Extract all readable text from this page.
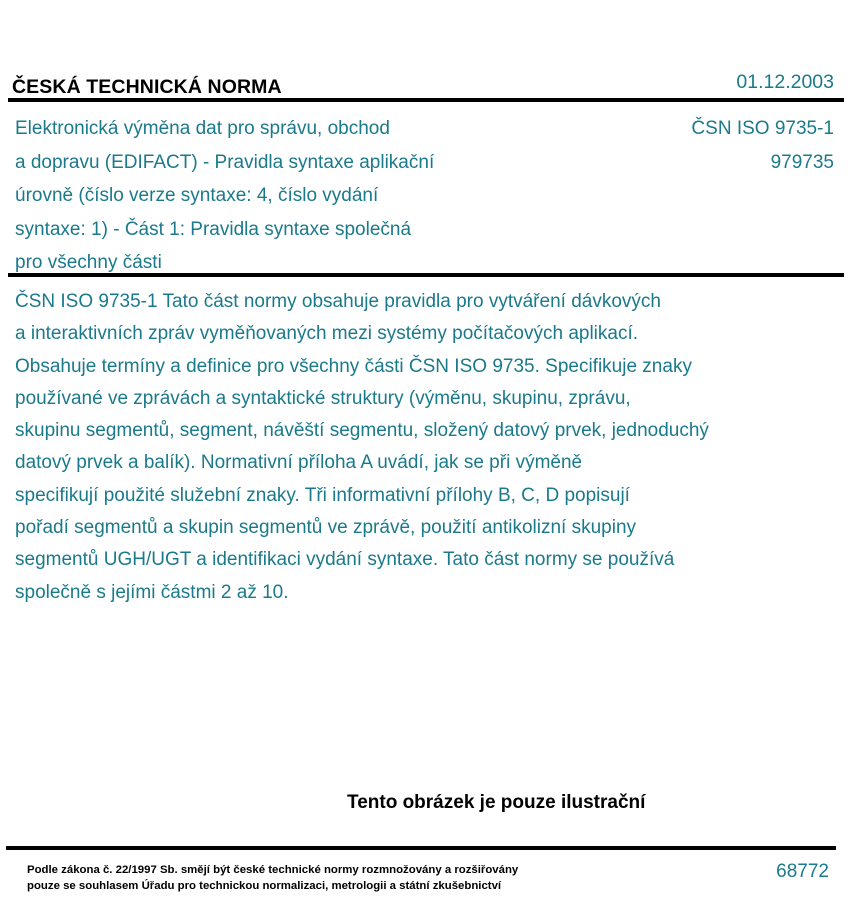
ČESKÁ TECHNICKÁ NORMA	01.12.2003
Elektronická výměna dat pro správu, obchod
a dopravu (EDIFACT) - Pravidla syntaxe aplikační
úrovně (číslo verze syntaxe: 4, číslo vydání
syntaxe: 1) - Část 1: Pravidla syntaxe společná
pro všechny části
ČSN ISO 9735-1
979735
ČSN ISO 9735-1 Tato část normy obsahuje pravidla pro vytváření dávkových
a interaktivních zpráv vyměňovaných mezi systémy počítačových aplikací.
Obsahuje termíny a definice pro všechny části ČSN ISO 9735. Specifikuje znaky
používané ve zprávách a syntaktické struktury (výměnu, skupinu, zprávu,
skupinu segmentů, segment, návěští segmentu, složený datový prvek, jednoduchý
datový prvek a balík). Normativní příloha A uvádí, jak se při výměně
specifikují použité služební znaky. Tři informativní přílohy B, C, D popisují
pořadí segmentů a skupin segmentů ve zprávě, použití antikolizní skupiny
segmentů UGH/UGT a identifikaci vydání syntaxe. Tato část normy se používá
společně s jejími částmi 2 až 10.
Tento obrázek je pouze ilustrační
Podle zákona č. 22/1997 Sb. smějí být české technické normy rozmnožovány a rozšiřovány
pouze se souhlasem Úřadu pro technickou normalizaci, metrologii a státní zkušebnictví
68772
